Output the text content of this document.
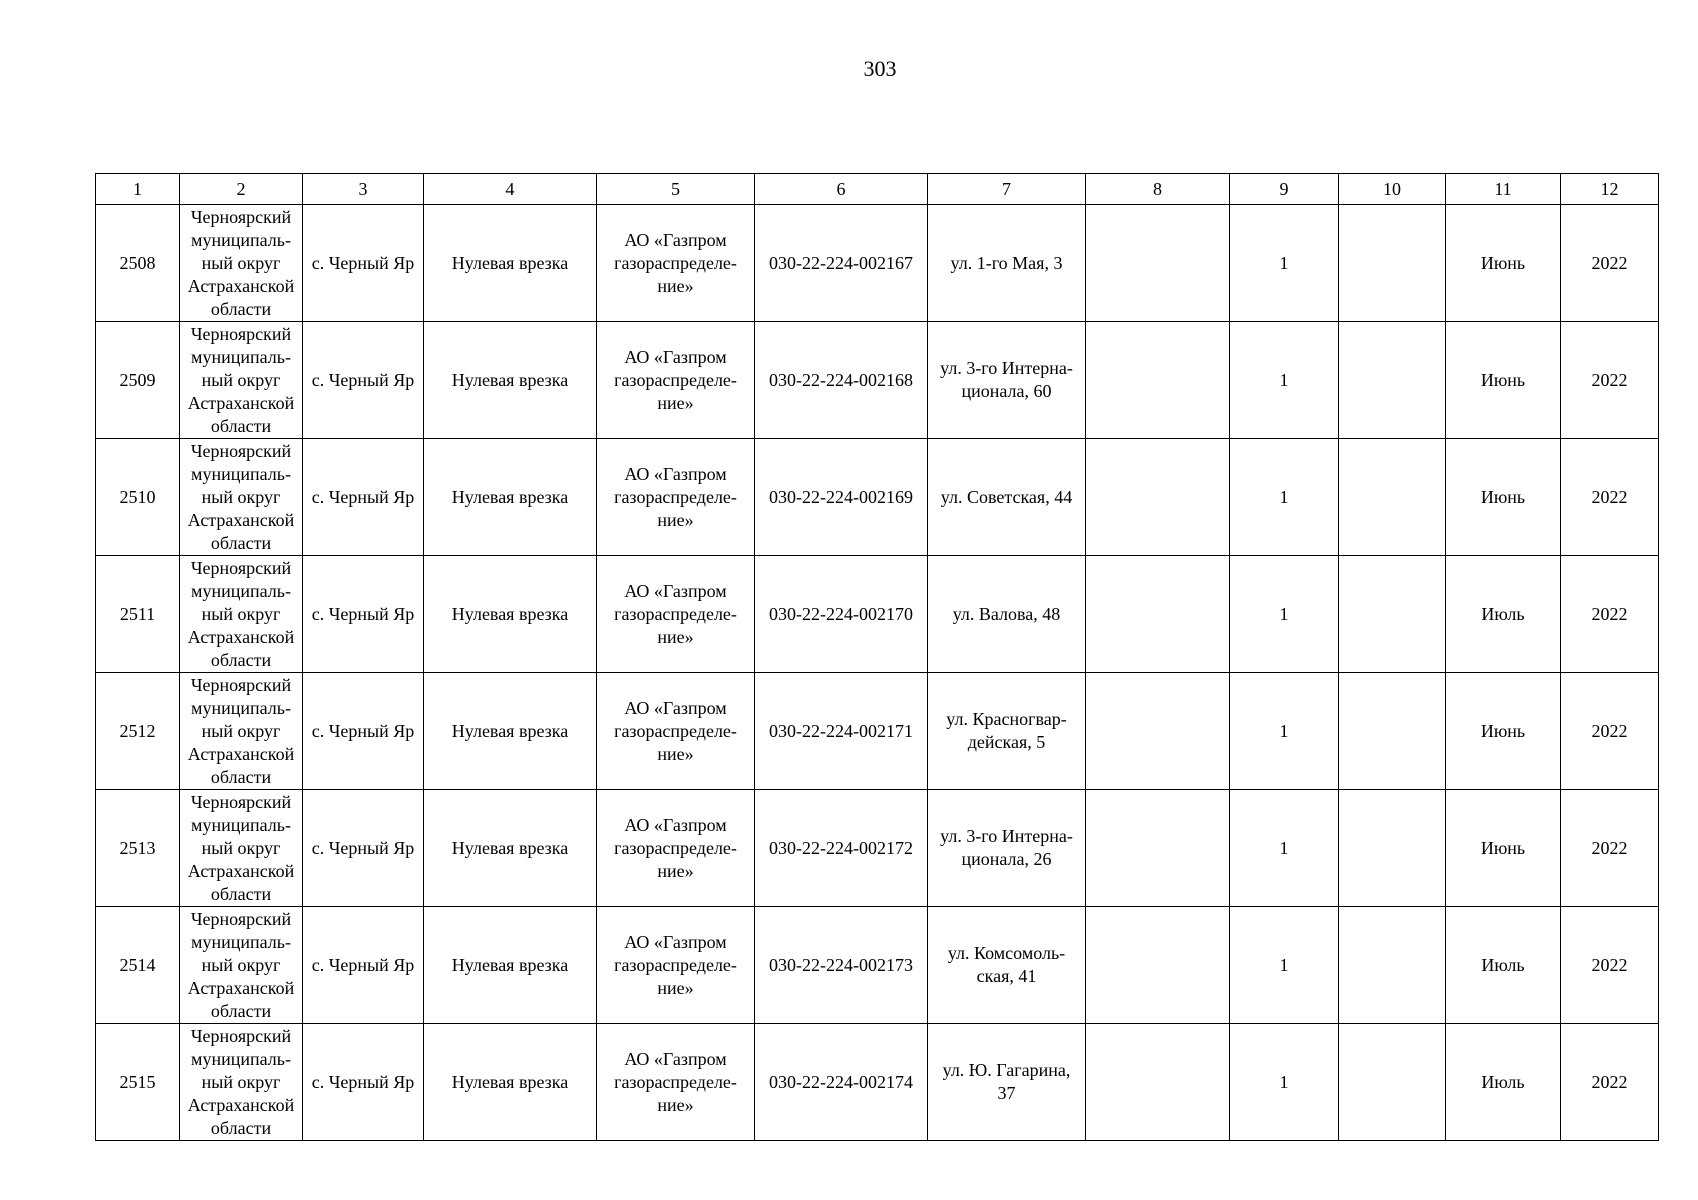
303
1	2	3	4	5	6	7	8	9	10	11	12
2508	Черноярский
муниципаль-
ный округ
Астраханской
области	с. Черный Яр	Нулевая врезка	АО «Газпром
газораспределе-
ние»	030-22-224-002167	ул. 1-го Мая, 3		1		Июнь	2022
2509	Черноярский
муниципаль-
ный округ
Астраханской
области	с. Черный Яр	Нулевая врезка	АО «Газпром
газораспределе-
ние»	030-22-224-002168	ул. 3-го Интерна-
ционала, 60		1		Июнь	2022
2510	Черноярский
муниципаль-
ный округ
Астраханской
области	с. Черный Яр	Нулевая врезка	АО «Газпром
газораспределе-
ние»	030-22-224-002169	ул. Советская, 44		1		Июнь	2022
2511	Черноярский
муниципаль-
ный округ
Астраханской
области	с. Черный Яр	Нулевая врезка	АО «Газпром
газораспределе-
ние»	030-22-224-002170	ул. Валова, 48		1		Июль	2022
2512	Черноярский
муниципаль-
ный округ
Астраханской
области	с. Черный Яр	Нулевая врезка	АО «Газпром
газораспределе-
ние»	030-22-224-002171	ул. Красногвар-
дейская, 5		1		Июнь	2022
2513	Черноярский
муниципаль-
ный округ
Астраханской
области	с. Черный Яр	Нулевая врезка	АО «Газпром
газораспределе-
ние»	030-22-224-002172	ул. 3-го Интерна-
ционала, 26		1		Июнь	2022
2514	Черноярский
муниципаль-
ный округ
Астраханской
области	с. Черный Яр	Нулевая врезка	АО «Газпром
газораспределе-
ние»	030-22-224-002173	ул. Комсомоль-
ская, 41		1		Июль	2022
2515	Черноярский
муниципаль-
ный округ
Астраханской
области	с. Черный Яр	Нулевая врезка	АО «Газпром
газораспределе-
ние»	030-22-224-002174	ул. Ю. Гагарина,
37		1		Июль	2022
